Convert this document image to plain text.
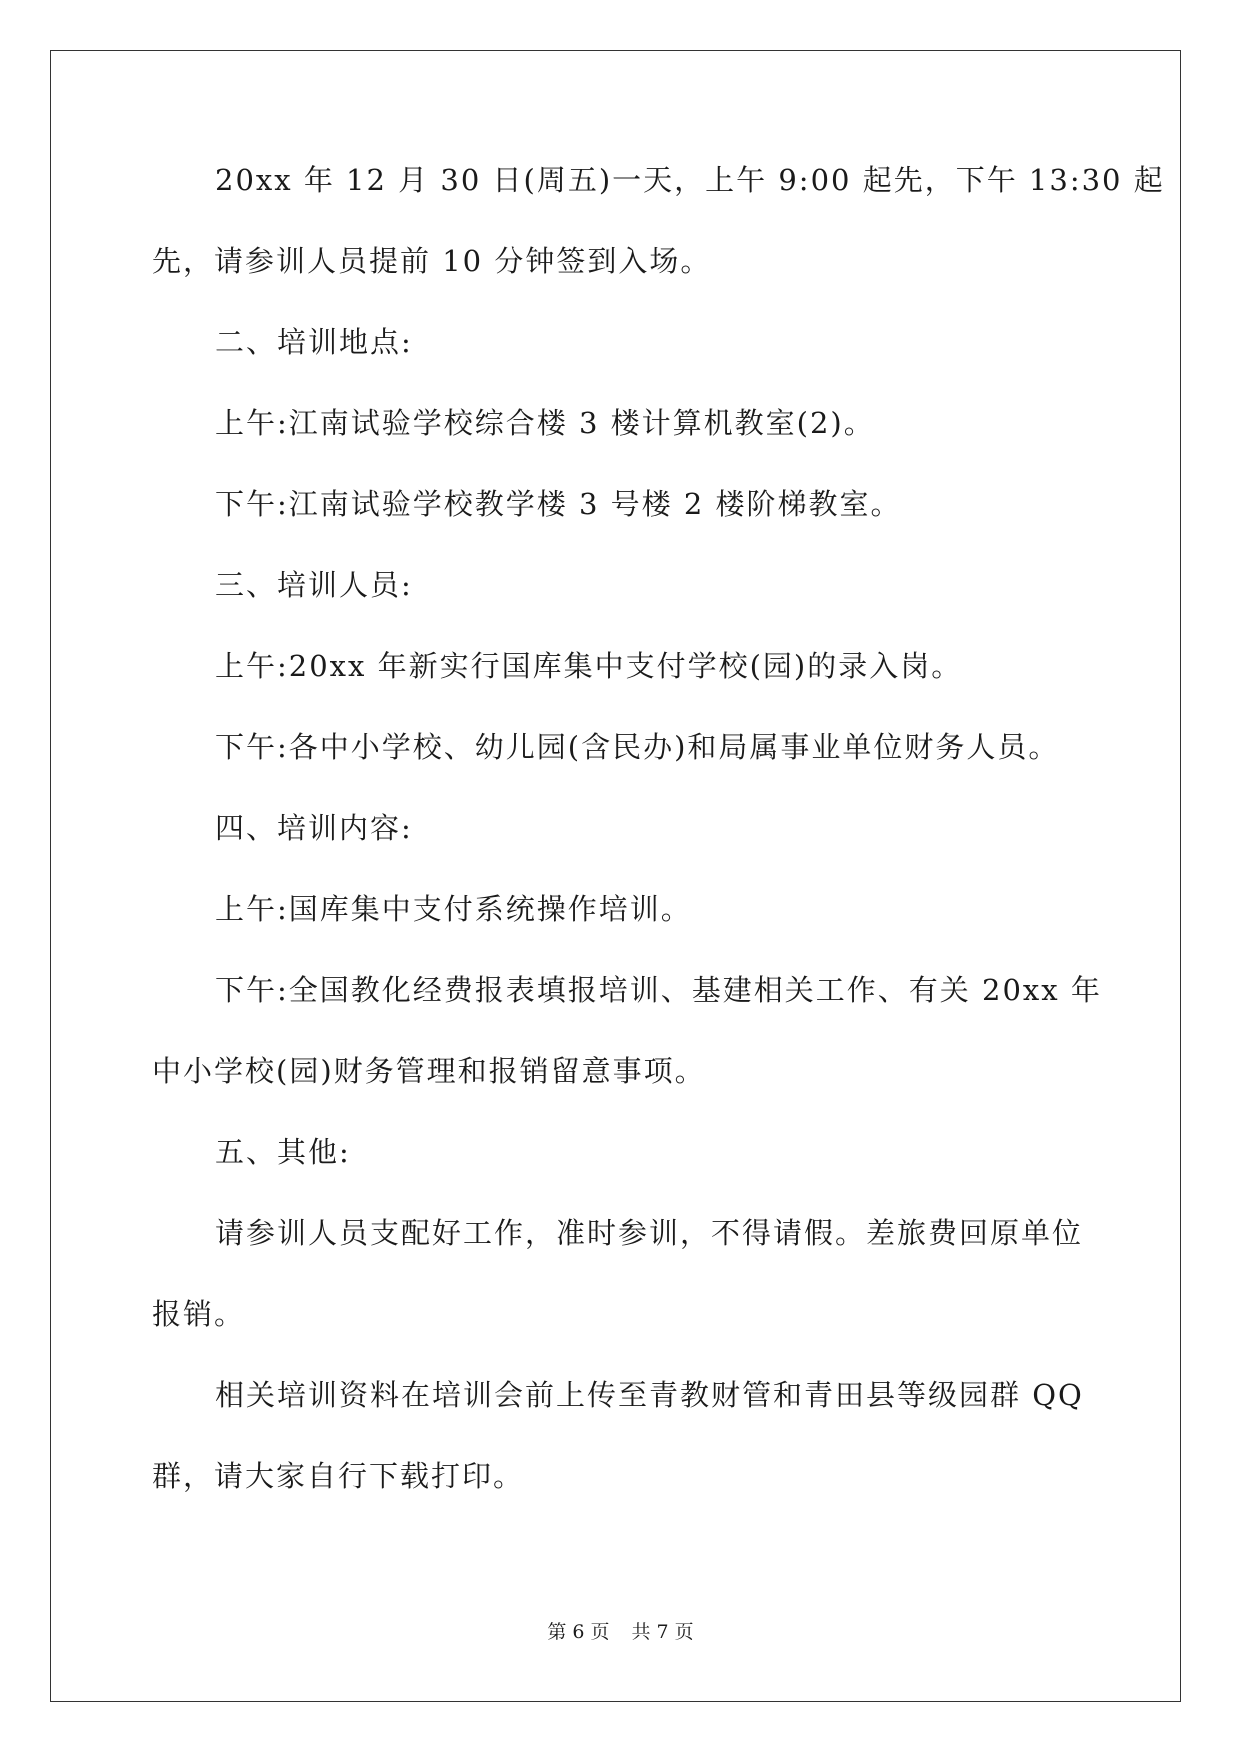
20xx 年 12 月 30 日(周五)一天，上午 9:00 起先，下午 13:30 起
先，请参训人员提前 10 分钟签到入场。

二、培训地点:

上午:江南试验学校综合楼 3 楼计算机教室(2)。

下午:江南试验学校教学楼 3 号楼 2 楼阶梯教室。

三、培训人员:

上午:20xx 年新实行国库集中支付学校(园)的录入岗。

下午:各中小学校、幼儿园(含民办)和局属事业单位财务人员。

四、培训内容:

上午:国库集中支付系统操作培训。

下午:全国教化经费报表填报培训、基建相关工作、有关 20xx 年
中小学校(园)财务管理和报销留意事项。

五、其他:

请参训人员支配好工作，准时参训，不得请假。差旅费回原单位
报销。

相关培训资料在培训会前上传至青教财管和青田县等级园群 QQ
群，请大家自行下载打印。

第 6 页 共 7 页
